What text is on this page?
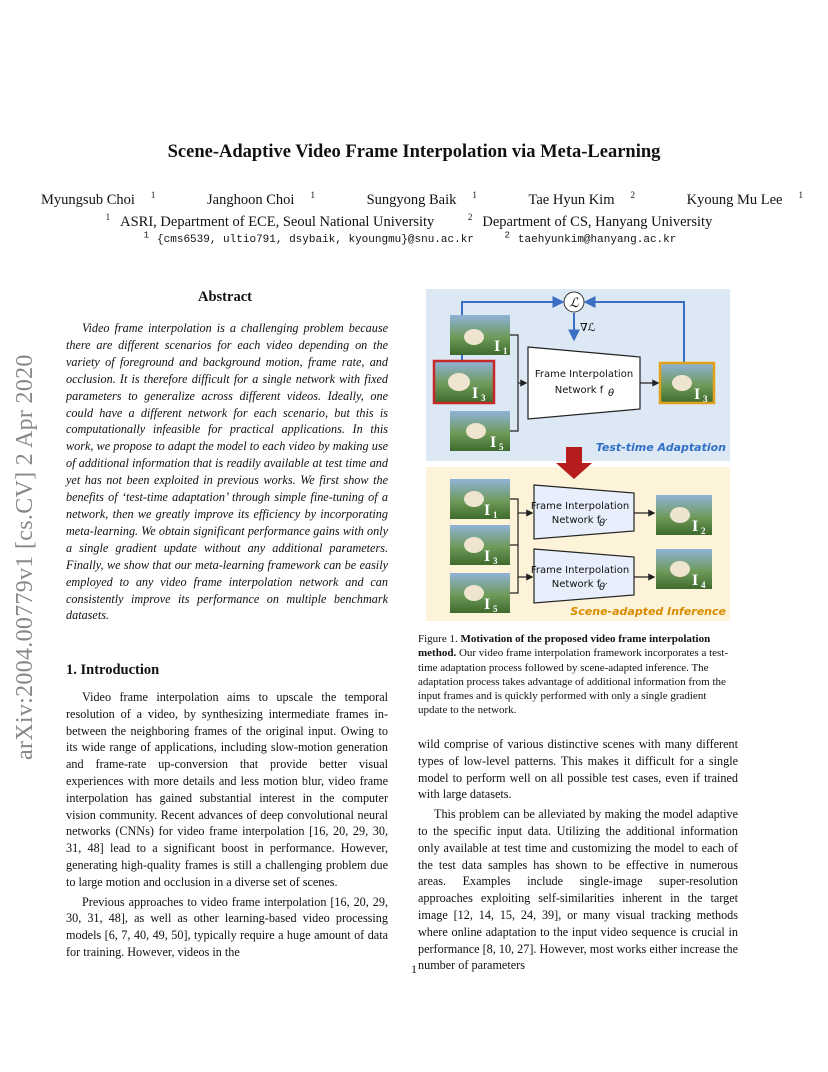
arXiv:2004.00779v1 [cs.CV] 2 Apr 2020
Scene-Adaptive Video Frame Interpolation via Meta-Learning
Myungsub Choi $^1$	Janghoon Choi $^1$	Sungyong Baik $^1$	Tae Hyun Kim $^2$	Kyoung Mu Lee $^1$
$^1$ ASRI, Department of ECE, Seoul National University	$^2$ Department of CS, Hanyang University
$^1$ {cms6539, ultio791, dsybaik, kyoungmu}@snu.ac.kr	$^2$ taehyunkim@hanyang.ac.kr
Abstract

Video frame interpolation is a challenging problem because there are different scenarios for each video depending on the variety of foreground and background motion, frame rate, and occlusion. It is therefore difficult for a single network with fixed parameters to generalize across different videos. Ideally, one could have a different network for each scenario, but this is computationally infeasible for practical applications. In this work, we propose to adapt the model to each video by making use of additional information that is readily available at test time and yet has not been exploited in previous works. We first show the benefits of ‘test-time adaptation’ through simple fine-tuning of a network, then we greatly improve its efficiency by incorporating meta-learning. We obtain significant performance gains with only a single gradient update without any additional parameters. Finally, we show that our meta-learning framework can be easily employed to any video frame interpolation network and can consistently improve its performance on multiple benchmark datasets.

1. Introduction

Video frame interpolation aims to upscale the temporal resolution of a video, by synthesizing intermediate frames in-between the neighboring frames of the original input. Owing to its wide range of applications, including slow-motion generation and frame-rate up-conversion that provide better visual experiences with more details and less motion blur, video frame interpolation has gained substantial interest in the computer vision community. Recent advances of deep convolutional neural networks (CNNs) for video frame interpolation [16, 20, 29, 30, 31, 48] lead to a significant boost in performance. However, generating high-quality frames is still a challenging problem due to large motion and occlusion in a diverse set of scenes.

Previous approaches to video frame interpolation [16, 20, 29, 30, 31, 48], as well as other learning-based video processing models [6, 7, 40, 49, 50], typically require a huge amount of data for training. However, videos in the

ℒ
∇ℒ
I 1
I 3
I 5
Frame Interpolation
Network f θ	I 3
Test-time Adaptation
I 1
I 3
I 5
Frame Interpolation
Network f
θ′
Frame Interpolation
Network f
θ′
I 2
I 4
Scene-adapted Inference
Figure 1. Motivation of the proposed video frame interpolation method. Our video frame interpolation framework incorporates a test-time adaptation process followed by scene-adapted inference. The adaptation process takes advantage of additional information from the input frames and is quickly performed with only a single gradient update to the network.

wild comprise of various distinctive scenes with many different types of low-level patterns. This makes it difficult for a single model to perform well on all possible test cases, even if trained with large datasets.

This problem can be alleviated by making the model adaptive to the specific input data. Utilizing the additional information only available at test time and customizing the model to each of the test data samples has shown to be effective in numerous areas. Examples include single-image super-resolution approaches exploiting self-similarities inherent in the target image [12, 14, 15, 24, 39], or many visual tracking methods where online adaptation to the input video sequence is crucial in performance [8, 10, 27]. However, most works either increase the number of parameters

1
